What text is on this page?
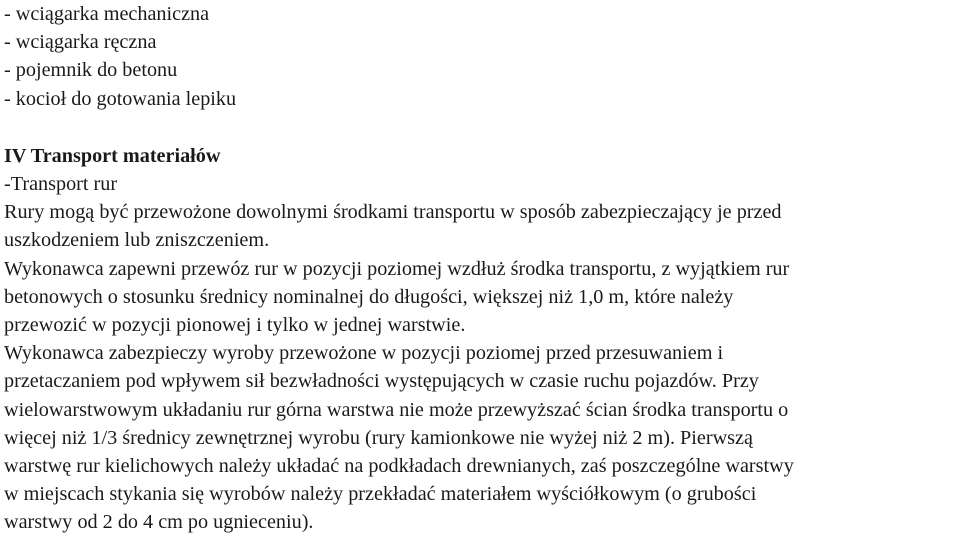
- wciągarka mechaniczna
- wciągarka ręczna
- pojemnik do betonu
- kocioł do gotowania lepiku
IV Transport materiałów
-Transport rur
Rury mogą być przewożone dowolnymi środkami transportu w sposób zabezpieczający je przed
uszkodzeniem lub zniszczeniem.
Wykonawca zapewni przewóz rur w pozycji poziomej wzdłuż środka transportu, z wyjątkiem rur
betonowych o stosunku średnicy nominalnej do długości, większej niż 1,0 m, które należy
przewozić w pozycji pionowej i tylko w jednej warstwie.
Wykonawca zabezpieczy wyroby przewożone w pozycji poziomej przed przesuwaniem i
przetaczaniem pod wpływem sił bezwładności występujących w czasie ruchu pojazdów. Przy
wielowarstwowym układaniu rur górna warstwa nie może przewyższać ścian środka transportu o
więcej niż 1/3 średnicy zewnętrznej wyrobu (rury kamionkowe nie wyżej niż 2 m). Pierwszą
warstwę rur kielichowych należy układać na podkładach drewnianych, zaś poszczególne warstwy
w miejscach stykania się wyrobów należy przekładać materiałem wyściółkowym (o grubości
warstwy od 2 do 4 cm po ugnieceniu).
